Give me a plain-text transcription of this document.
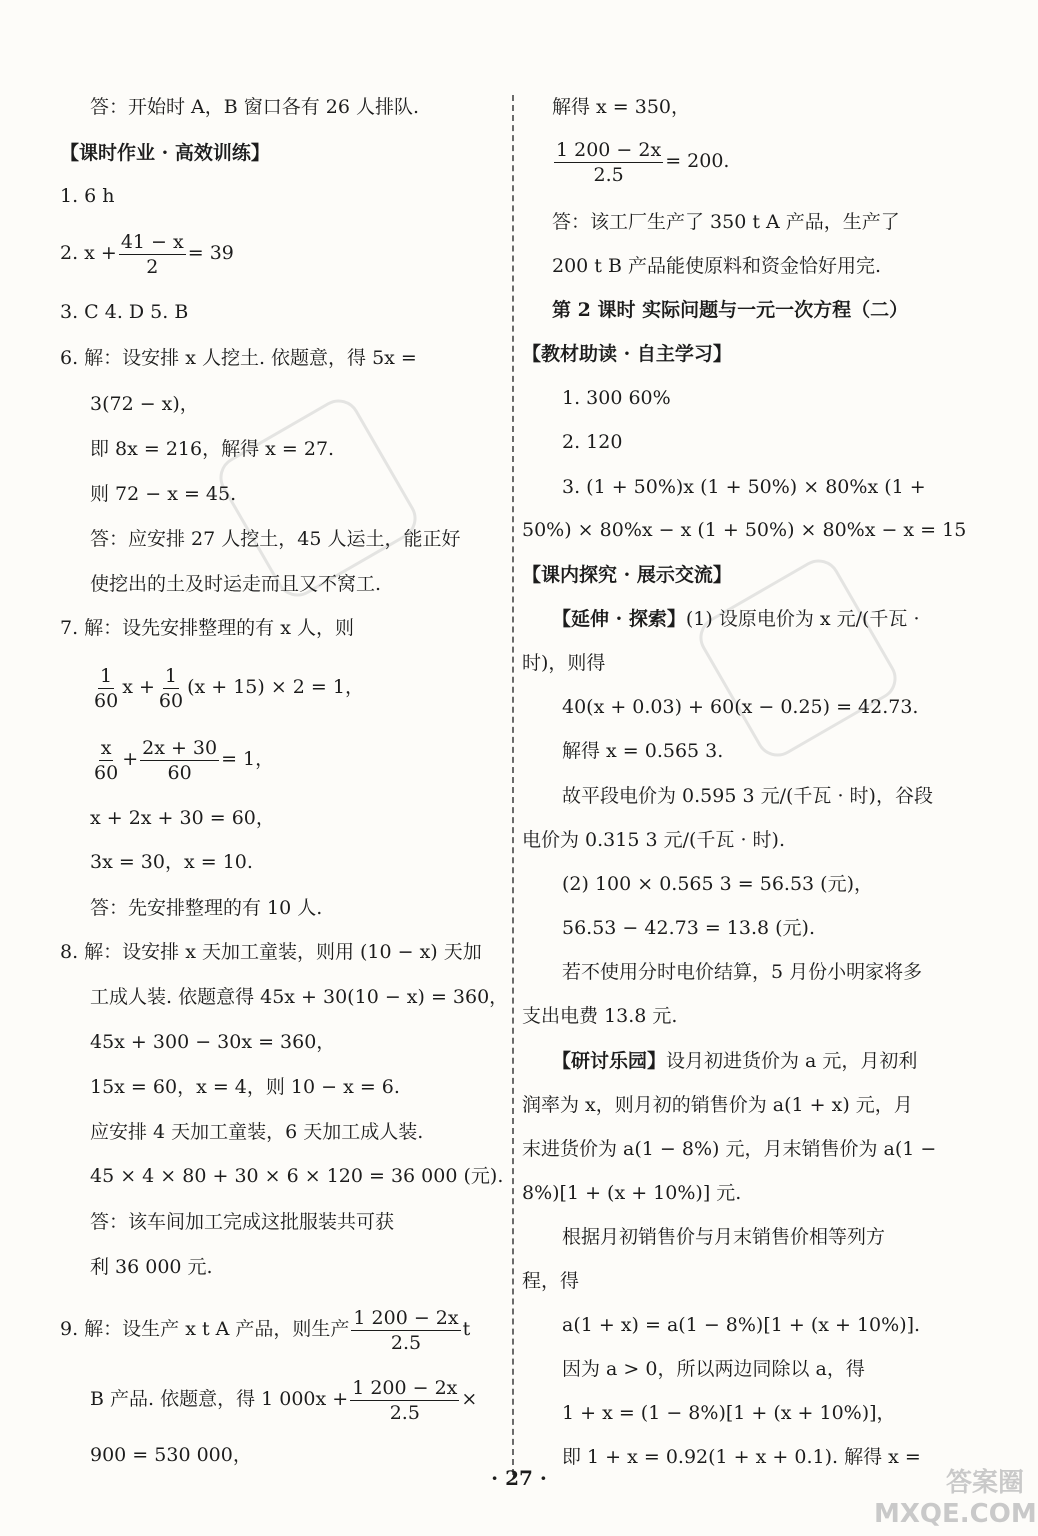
答案圈 MXQE.COM
答：开始时 A，B 窗口各有 26 人排队.
【课时作业 · 高效训练】
1. 6 h
2. $x + \frac{41 - x}{2} = 39$
3. C 4. D 5. B
6. 解：设安排 x 人挖土. 依题意，得 5x =
3(72 − x)，
即 8x = 216，解得 x = 27.
则 72 − x = 45.
答：应安排 27 人挖土，45 人运土，能正好
使挖出的土及时运走而且又不窝工.
7. 解：设先安排整理的有 x 人，则
$\frac{1}{60}$ $x + \frac{1}{60} (x + 15) \times 2 = 1$，
$\frac{x}{60} + \frac{2x + 30}{60} = 1$，
x + 2x + 30 = 60，
3x = 30，x = 10.
答：先安排整理的有 10 人.
8. 解：设安排 x 天加工童装，则用 (10 − x) 天加
工成人装. 依题意得 45x + 30(10 − x) = 360，
45x + 300 − 30x = 360，
15x = 60，x = 4，则 10 − x = 6.
应安排 4 天加工童装，6 天加工成人装.
45 × 4 × 80 + 30 × 6 × 120 = 36 000 (元).
答：该车间加工完成这批服装共可获
利 36 000 元.
9. 解：设生产 x t A 产品，则生产 $\frac{1 200 - 2x}{2.5}$ t
B 产品. 依题意，得 1 $000x + \frac{1 200 - 2x}{2.5}$ ×
900 = 530 000，
解得 x = 350，
$\frac{1 200 - 2x}{2.5} = 200$.
答：该工厂生产了 350 t A 产品，生产了
200 t B 产品能使原料和资金恰好用完.
第 2 课时 实际问题与一元一次方程（二）
【教材助读 · 自主学习】
1. 300 60%
2. 120
3. (1 + 50%)x (1 + 50%) × 80%x (1 +
50%) × 80%x − x (1 + 50%) × 80%x − x = 15
【课内探究 · 展示交流】
【延伸 · 探索】(1) 设原电价为 x 元/(千瓦 ·
时)，则得
40(x + 0.03) + 60(x − 0.25) = 42.73.
解得 x = 0.565 3.
故平段电价为 0.595 3 元/(千瓦 · 时)，谷段
电价为 0.315 3 元/(千瓦 · 时).
(2) 100 × 0.565 3 = 56.53 (元)，
56.53 − 42.73 = 13.8 (元).
若不使用分时电价结算，5 月份小明家将多
支出电费 13.8 元.
【研讨乐园】设月初进货价为 a 元，月初利
润率为 x，则月初的销售价为 a(1 + x) 元，月
末进货价为 a(1 − 8%) 元，月末销售价为 a(1 −
8%)[1 + (x + 10%)] 元.
根据月初销售价与月末销售价相等列方
程，得
a(1 + x) = a(1 − 8%)[1 + (x + 10%)].
因为 a > 0，所以两边同除以 a，得
1 + x = (1 − 8%)[1 + (x + 10%)]，
即 1 + x = 0.92(1 + x + 0.1). 解得 x =
· 27 ·
